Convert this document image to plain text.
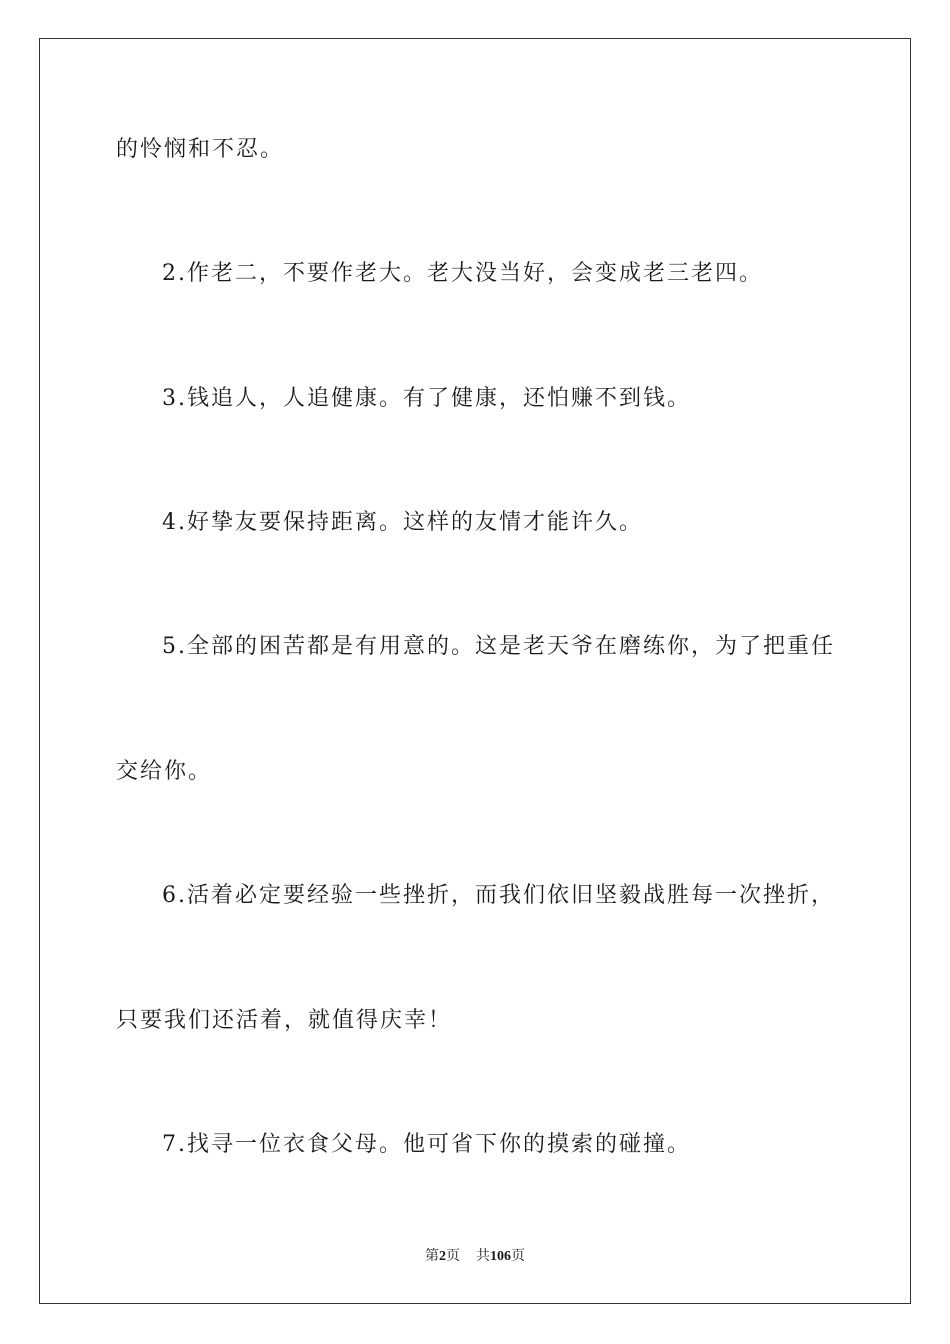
的怜悯和不忍。
2.作老二，不要作老大。老大没当好，会变成老三老四。
3.钱追人，人追健康。有了健康，还怕赚不到钱。
4.好挚友要保持距离。这样的友情才能许久。
5.全部的困苦都是有用意的。这是老天爷在磨练你，为了把重任
交给你。
6.活着必定要经验一些挫折，而我们依旧坚毅战胜每一次挫折，
只要我们还活着，就值得庆幸！
7.找寻一位衣食父母。他可省下你的摸索的碰撞。
第2页 共106页
